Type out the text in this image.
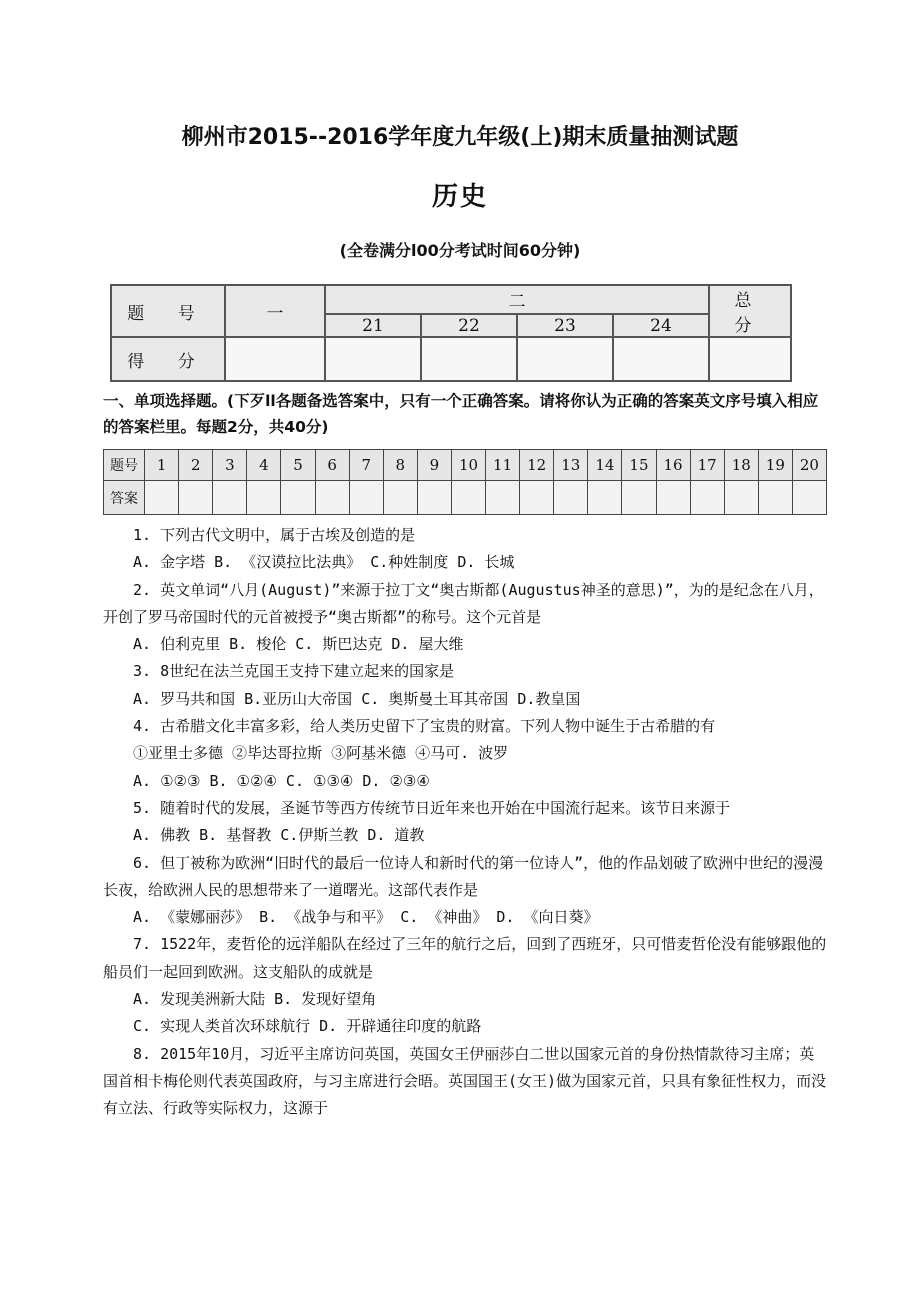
柳州市2015--2016学年度九年级(上)期末质量抽测试题
历史
(全卷满分l00分考试时间60分钟)
题 号	一	二				总 分
		21	22	23	24	
得 分						
一、单项选择题。(下歹ll各题备选答案中，只有一个正确答案。请将你认为正确的答案英文序号填入相应的答案栏里。每题2分，共40分)
题号	1	2	3	4	5	6	7	8	9	10	11	12	13	14	15	16	17	18	19	20
答案																				

1. 下列古代文明中，属于古埃及创造的是

A. 金字塔 B. 《汉谟拉比法典》 C.种姓制度 D. 长城

2. 英文单词“八月(August)”来源于拉丁文“奥古斯都(Augustus神圣的意思)”，为的是纪念在八月，开创了罗马帝国时代的元首被授予“奥古斯都”的称号。这个元首是

A. 伯利克里 B. 梭伦 C. 斯巴达克 D. 屋大维

3. 8世纪在法兰克国王支持下建立起来的国家是

A. 罗马共和国 B.亚历山大帝国 C. 奥斯曼土耳其帝国 D.教皇国

4. 古希腊文化丰富多彩，给人类历史留下了宝贵的财富。下列人物中诞生于古希腊的有

①亚里士多德 ②毕达哥拉斯 ③阿基米德 ④马可. 波罗

A. ①②③ B. ①②④ C. ①③④ D. ②③④

5. 随着时代的发展，圣诞节等西方传统节日近年来也开始在中国流行起来。该节日来源于

A. 佛教 B. 基督教 C.伊斯兰教 D. 道教

6. 但丁被称为欧洲“旧时代的最后一位诗人和新时代的第一位诗人”，他的作品划破了欧洲中世纪的漫漫长夜，给欧洲人民的思想带来了一道曙光。这部代表作是

A. 《蒙娜丽莎》 B. 《战争与和平》 C. 《神曲》 D. 《向日葵》

7. 1522年，麦哲伦的远洋船队在经过了三年的航行之后，回到了西班牙，只可惜麦哲伦没有能够跟他的船员们一起回到欧洲。这支船队的成就是

A. 发现美洲新大陆 B. 发现好望角

C. 实现人类首次环球航行 D. 开辟通往印度的航路

8. 2015年10月，习近平主席访问英国，英国女王伊丽莎白二世以国家元首的身份热情款待习主席；英国首相卡梅伦则代表英国政府，与习主席进行会晤。英国国王(女王)做为国家元首，只具有象征性权力，而没有立法、行政等实际权力，这源于
